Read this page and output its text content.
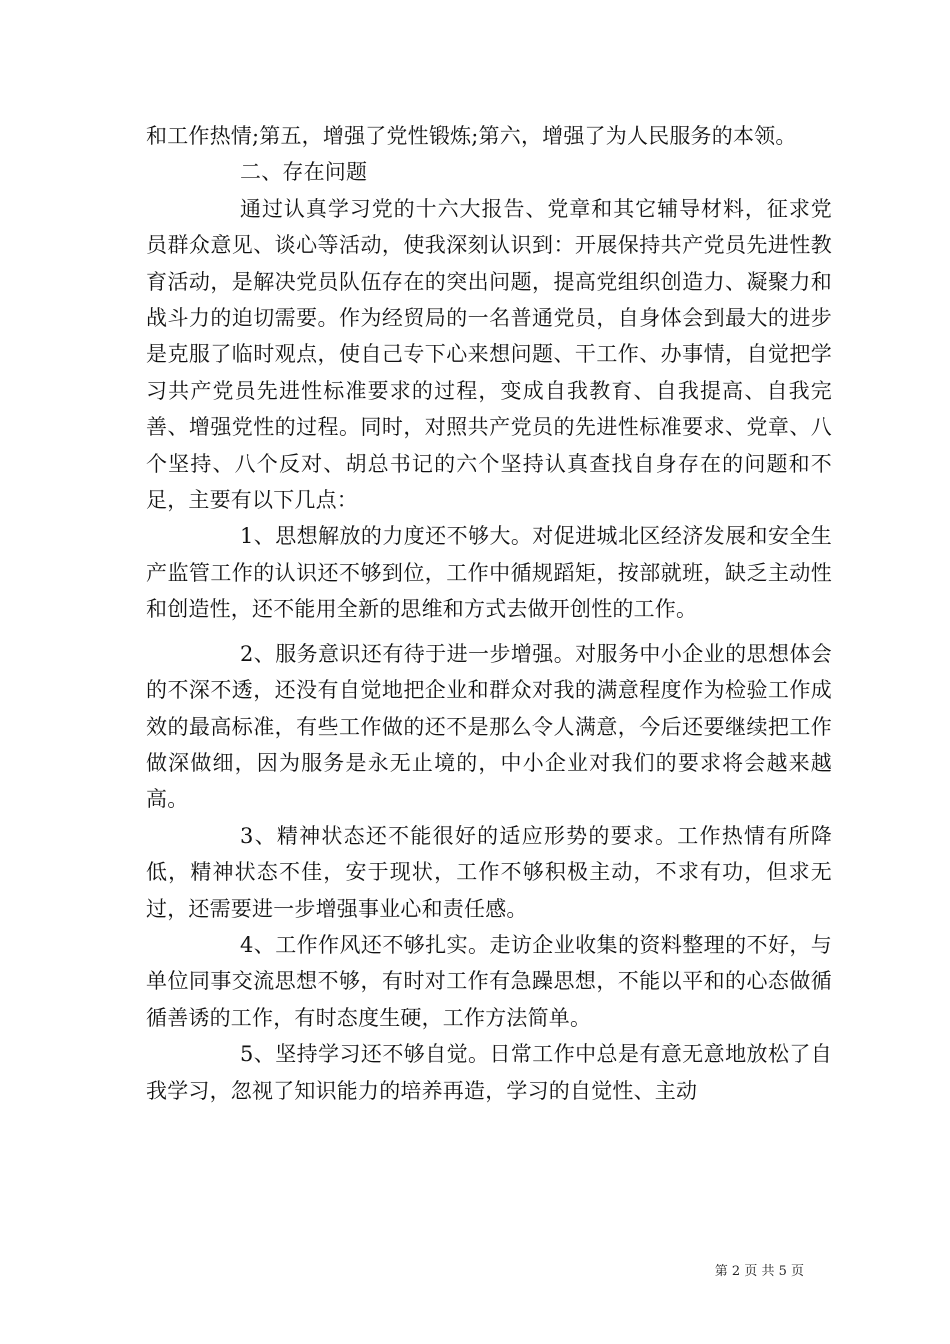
和工作热情;第五，增强了党性锻炼;第六，增强了为人民服务的本领。

二、存在问题

通过认真学习党的十六大报告、党章和其它辅导材料，征求党员群众意见、谈心等活动，使我深刻认识到：开展保持共产党员先进性教育活动，是解决党员队伍存在的突出问题，提高党组织创造力、凝聚力和战斗力的迫切需要。作为经贸局的一名普通党员，自身体会到最大的进步是克服了临时观点，使自己专下心来想问题、干工作、办事情，自觉把学习共产党员先进性标准要求的过程，变成自我教育、自我提高、自我完善、增强党性的过程。同时，对照共产党员的先进性标准要求、党章、八个坚持、八个反对、胡总书记的六个坚持认真查找自身存在的问题和不足，主要有以下几点：

1、思想解放的力度还不够大。对促进城北区经济发展和安全生产监管工作的认识还不够到位，工作中循规蹈矩，按部就班，缺乏主动性和创造性，还不能用全新的思维和方式去做开创性的工作。

2、服务意识还有待于进一步增强。对服务中小企业的思想体会的不深不透，还没有自觉地把企业和群众对我的满意程度作为检验工作成效的最高标准，有些工作做的还不是那么令人满意，今后还要继续把工作做深做细，因为服务是永无止境的，中小企业对我们的要求将会越来越高。

3、精神状态还不能很好的适应形势的要求。工作热情有所降低，精神状态不佳，安于现状，工作不够积极主动，不求有功，但求无过，还需要进一步增强事业心和责任感。

4、工作作风还不够扎实。走访企业收集的资料整理的不好，与单位同事交流思想不够，有时对工作有急躁思想，不能以平和的心态做循循善诱的工作，有时态度生硬，工作方法简单。

5、坚持学习还不够自觉。日常工作中总是有意无意地放松了自我学习，忽视了知识能力的培养再造，学习的自觉性、主动

第 2 页 共 5 页
